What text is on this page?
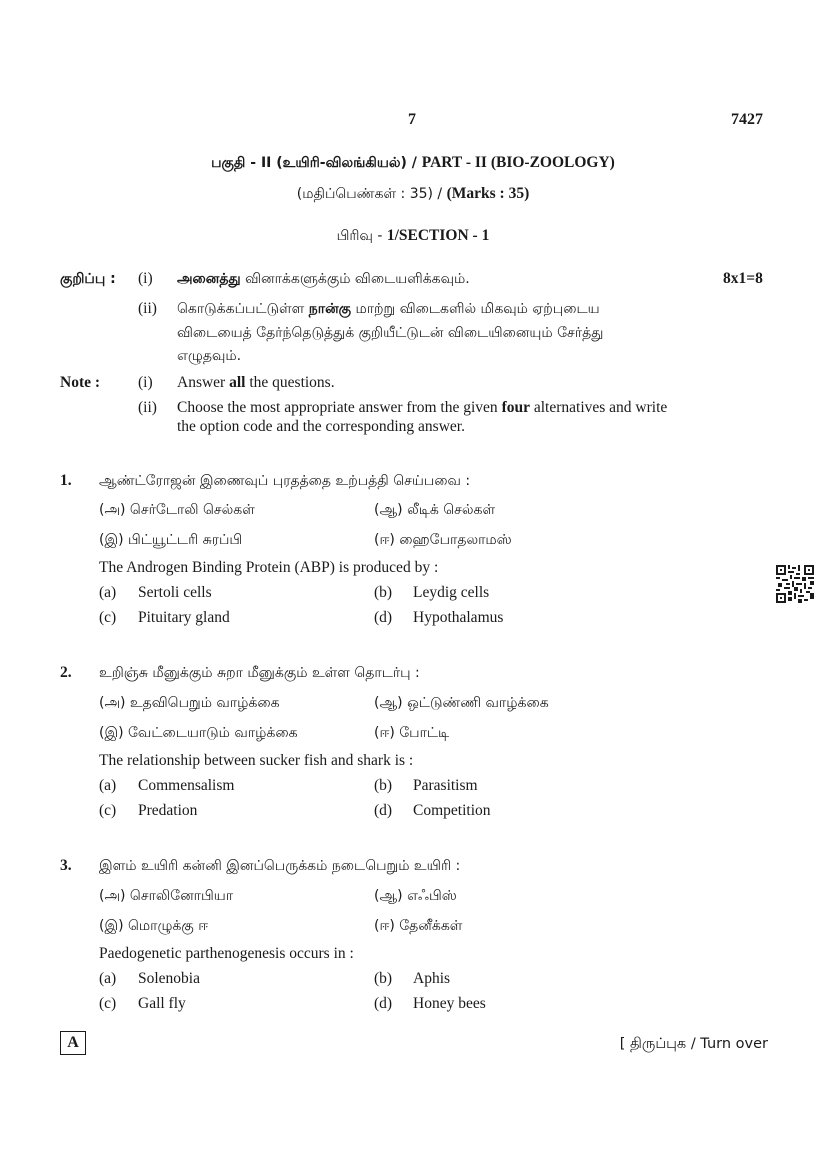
7	7427
பகுதி - II (உயிரி-விலங்கியல்) / PART - II (BIO-ZOOLOGY)
(மதிப்பெண்கள் : 35) / (Marks : 35)
பிரிவு - 1/SECTION - 1
குறிப்பு : (i) அனைத்து வினாக்களுக்கும் விடையளிக்கவும்.	8x1=8
(ii) கொடுக்கப்பட்டுள்ள நான்கு மாற்று விடைகளில் மிகவும் ஏற்புடைய
விடையைத் தேர்ந்தெடுத்துக் குறியீட்டுடன் விடையினையும் சேர்த்து
எழுதவும்.
Note : (i) Answer all the questions.
(ii) Choose the most appropriate answer from the given four alternatives and write
the option code and the corresponding answer.
1. ஆண்ட்ரோஜன் இணைவுப் புரதத்தை உற்பத்தி செய்பவை :
(அ) செர்டோலி செல்கள்	(ஆ) லீடிக் செல்கள்
(இ) பிட்யூட்டரி சுரப்பி	(ஈ) ஹைபோதலாமஸ்
The Androgen Binding Protein (ABP) is produced by :
(a) Sertoli cells	(b) Leydig cells
(c) Pituitary gland	(d) Hypothalamus
2. உறிஞ்சு மீனுக்கும் சுறா மீனுக்கும் உள்ள தொடர்பு :
(அ) உதவிபெறும் வாழ்க்கை	(ஆ) ஒட்டுண்ணி வாழ்க்கை
(இ) வேட்டையாடும் வாழ்க்கை	(ஈ) போட்டி
The relationship between sucker fish and shark is :
(a) Commensalism	(b) Parasitism
(c) Predation	(d) Competition
3. இளம் உயிரி கன்னி இனப்பெருக்கம் நடைபெறும் உயிரி :
(அ) சொலினோபியா	(ஆ) எஃபிஸ்
(இ) மொழுக்கு ஈ	(ஈ) தேனீக்கள்
Paedogenetic parthenogenesis occurs in :
(a) Solenobia	(b) Aphis
(c) Gall fly	(d) Honey bees
A	[ திருப்புக / Turn over
